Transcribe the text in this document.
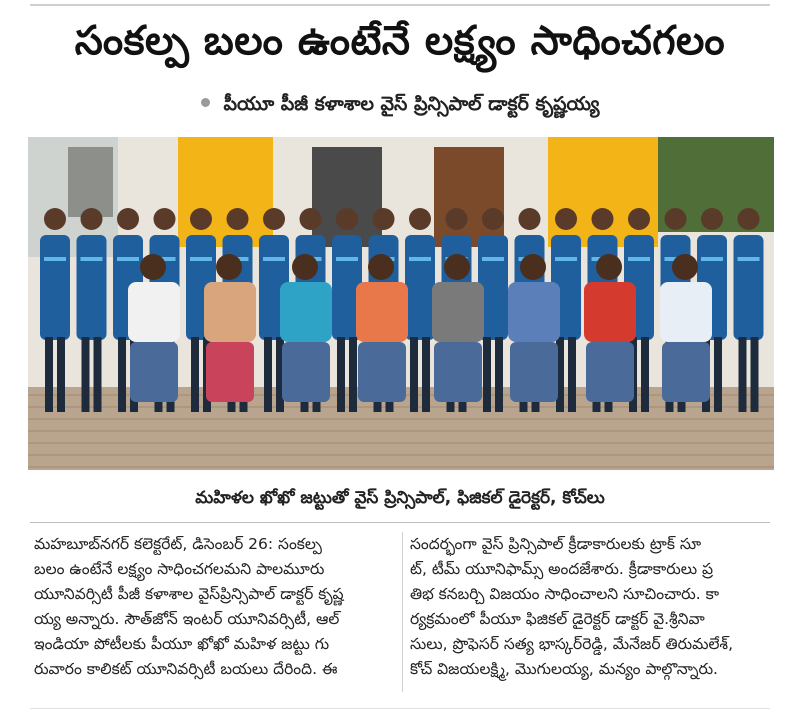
సంకల్ప బలం ఉంటేనే లక్ష్యం సాధించగలం
పీయూ పీజీ కళాశాల వైస్ ప్రిన్సిపాల్ డాక్టర్ కృష్ణయ్య
మహిళల ఖోఖో జట్టుతో వైస్ ప్రిన్సిపాల్, ఫిజికల్ డైరెక్టర్, కోచ్‌లు
మహబూబ్‌నగర్ కలెక్టరేట్, డిసెంబర్ 26: సంకల్ప
బలం ఉంటేనే లక్ష్యం సాధించగలమని పాలమూరు
యూనివర్సిటీ పీజీ కళాశాల వైస్‌ప్రిన్సిపాల్ డాక్టర్ కృష్ణ
య్య అన్నారు. సౌత్‌జోన్ ఇంటర్ యూనివర్సిటీ, ఆల్
ఇండియా పోటీలకు పీయూ ఖోఖో మహిళ జట్టు గు
రువారం కాలికట్ యూనివర్సిటీ బయలు దేరింది. ఈ
సందర్భంగా వైస్ ప్రిన్సిపాల్ క్రీడాకారులకు ట్రాక్ సూ
ట్, టీమ్ యూనిఫామ్స్ అందజేశారు. క్రీడాకారులు ప్ర
తిభ కనబర్చి విజయం సాధించాలని సూచించారు. కా
ర్యక్రమంలో పీయూ ఫిజికల్ డైరెక్టర్ డాక్టర్ వై.శ్రీనివా
సులు, ప్రొఫెసర్ సత్య భాస్కర్‌రెడ్డి, మేనేజర్ తిరుమలేశ్,
కోచ్ విజయలక్ష్మి, మొగులయ్య, మన్యం పాల్గొన్నారు.
